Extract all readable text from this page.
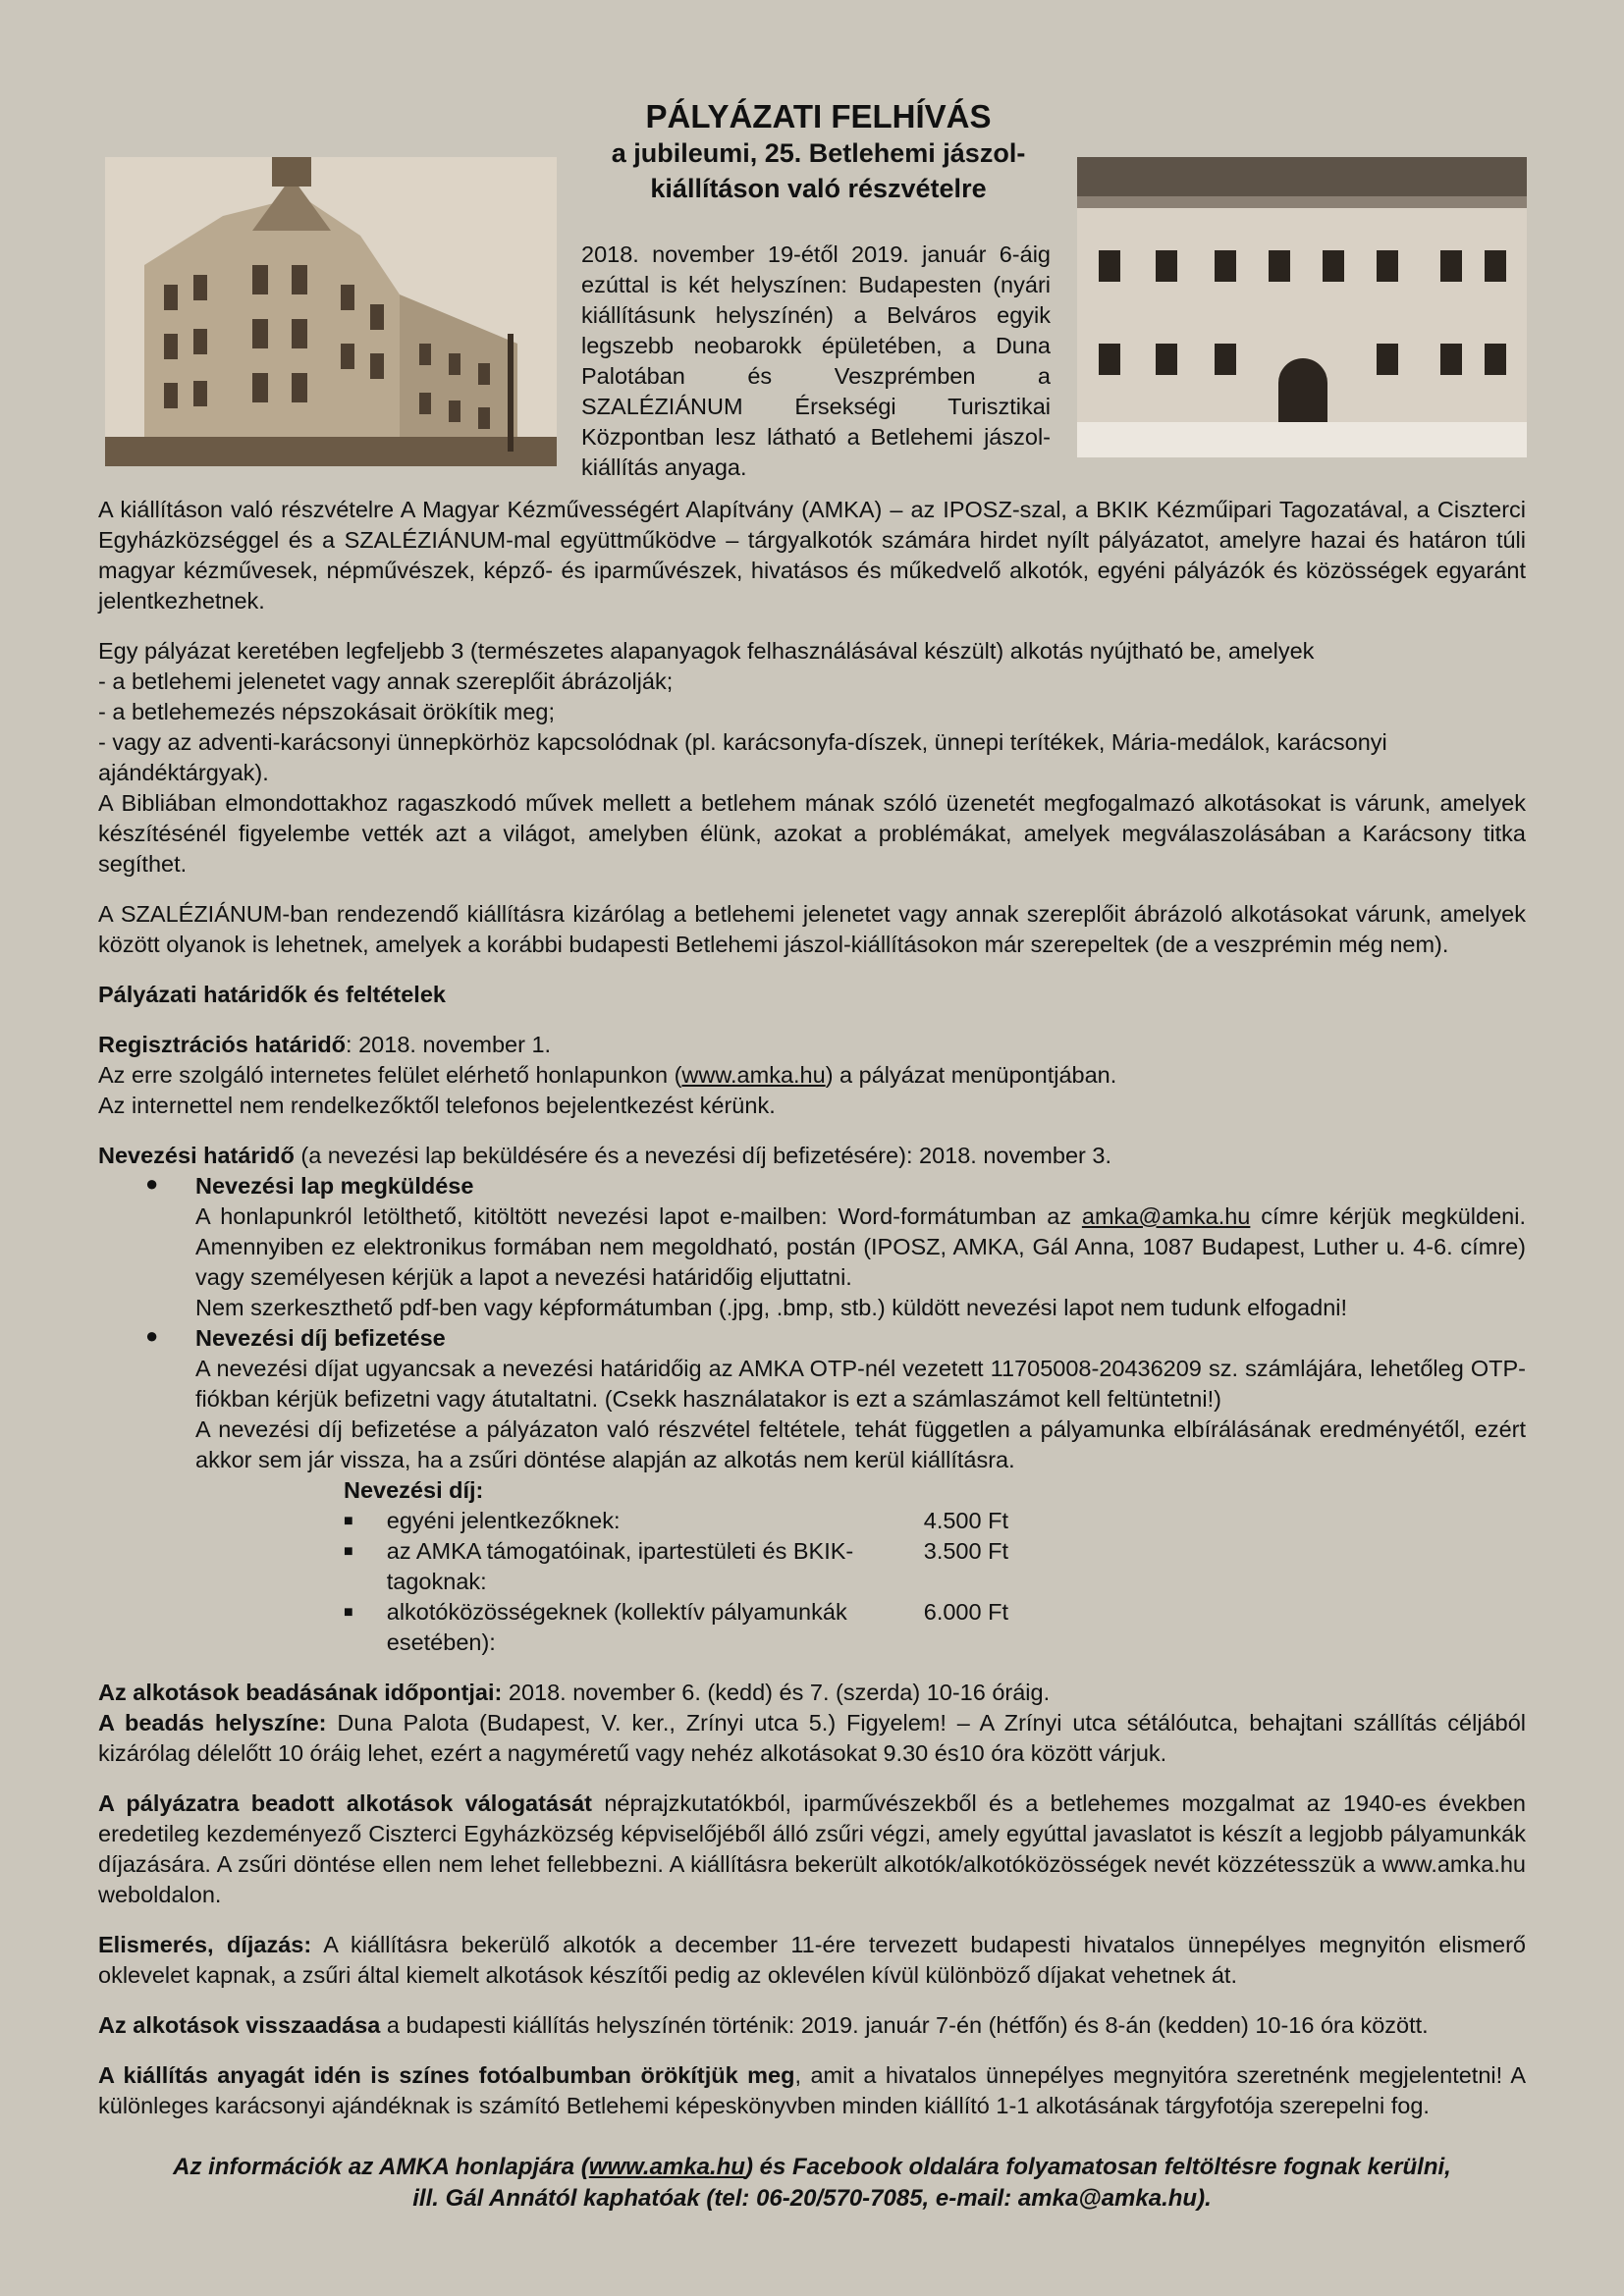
PÁLYÁZATI FELHÍVÁS
a jubileumi, 25. Betlehemi jászol-
kiállításon való részvételre

2018. november 19-étől 2019. január 6-áig ezúttal is két helyszínen: Budapesten (nyári kiállításunk helyszínén) a Belváros egyik legszebb neobarokk épületében, a Duna Palotában és Veszprémben a SZALÉZIÁNUM Érsekségi Turisztikai Központban lesz látható a Betlehemi jászol-kiállítás anyaga.

A kiállításon való részvételre A Magyar Kézművességért Alapítvány (AMKA) – az IPOSZ-szal, a BKIK Kézműipari Tagozatával, a Ciszterci Egyházközséggel és a SZALÉZIÁNUM-mal együttműködve – tárgyalkotók számára hirdet nyílt pályázatot, amelyre hazai és határon túli magyar kézművesek, népművészek, képző- és iparművészek, hivatásos és műkedvelő alkotók, egyéni pályázók és közösségek egyaránt jelentkezhetnek.

Egy pályázat keretében legfeljebb 3 (természetes alapanyagok felhasználásával készült) alkotás nyújtható be, amelyek

- a betlehemi jelenetet vagy annak szereplőit ábrázolják;

- a betlehemezés népszokásait örökítik meg;

- vagy az adventi-karácsonyi ünnepkörhöz kapcsolódnak (pl. karácsonyfa-díszek, ünnepi terítékek, Mária-medálok, karácsonyi ajándéktárgyak).

A Bibliában elmondottakhoz ragaszkodó művek mellett a betlehem mának szóló üzenetét megfogalmazó alkotásokat is várunk, amelyek készítésénél figyelembe vették azt a világot, amelyben élünk, azokat a problémákat, amelyek megválaszolásában a Karácsony titka segíthet.

A SZALÉZIÁNUM-ban rendezendő kiállításra kizárólag a betlehemi jelenetet vagy annak szereplőit ábrázoló alkotásokat várunk, amelyek között olyanok is lehetnek, amelyek a korábbi budapesti Betlehemi jászol-kiállításokon már szerepeltek (de a veszprémin még nem).

Pályázati határidők és feltételek

Regisztrációs határidő: 2018. november 1.

Az erre szolgáló internetes felület elérhető honlapunkon (www.amka.hu) a pályázat menüpontjában.

Az internettel nem rendelkezőktől telefonos bejelentkezést kérünk.

Nevezési határidő (a nevezési lap beküldésére és a nevezési díj befizetésére): 2018. november 3.

● Nevezési lap megküldése

A honlapunkról letölthető, kitöltött nevezési lapot e-mailben: Word-formátumban az amka@amka.hu címre kérjük megküldeni. Amennyiben ez elektronikus formában nem megoldható, postán (IPOSZ, AMKA, Gál Anna, 1087 Budapest, Luther u. 4-6. címre) vagy személyesen kérjük a lapot a nevezési határidőig eljuttatni.

Nem szerkeszthető pdf-ben vagy képformátumban (.jpg, .bmp, stb.) küldött nevezési lapot nem tudunk elfogadni!

● Nevezési díj befizetése

A nevezési díjat ugyancsak a nevezési határidőig az AMKA OTP-nél vezetett 11705008-20436209 sz. számlájára, lehetőleg OTP-fiókban kérjük befizetni vagy átutaltatni. (Csekk használatakor is ezt a számlaszámot kell feltüntetni!)

A nevezési díj befizetése a pályázaton való részvétel feltétele, tehát független a pályamunka elbírálásának eredményétől, ezért akkor sem jár vissza, ha a zsűri döntése alapján az alkotás nem kerül kiállításra.

Nevezési díj:

■	egyéni jelentkezőknek:	4.500 Ft
■	az AMKA támogatóinak, ipartestületi és BKIK-tagoknak:
3.500 Ft
■	alkotóközösségeknek (kollektív pályamunkák esetében):
6.000 Ft

Az alkotások beadásának időpontjai: 2018. november 6. (kedd) és 7. (szerda) 10-16 óráig.

A beadás helyszíne: Duna Palota (Budapest, V. ker., Zrínyi utca 5.) Figyelem! – A Zrínyi utca sétálóutca, behajtani szállítás céljából kizárólag délelőtt 10 óráig lehet, ezért a nagyméretű vagy nehéz alkotásokat 9.30 és10 óra között várjuk.

A pályázatra beadott alkotások válogatását néprajzkutatókból, iparművészekből és a betlehemes mozgalmat az 1940-es években eredetileg kezdeményező Ciszterci Egyházközség képviselőjéből álló zsűri végzi, amely egyúttal javaslatot is készít a legjobb pályamunkák díjazására. A zsűri döntése ellen nem lehet fellebbezni. A kiállításra bekerült alkotók/alkotóközösségek nevét közzétesszük a www.amka.hu weboldalon.

Elismerés, díjazás: A kiállításra bekerülő alkotók a december 11-ére tervezett budapesti hivatalos ünnepélyes megnyitón elismerő oklevelet kapnak, a zsűri által kiemelt alkotások készítői pedig az oklevélen kívül különböző díjakat vehetnek át.

Az alkotások visszaadása a budapesti kiállítás helyszínén történik: 2019. január 7-én (hétfőn) és 8-án (kedden) 10-16 óra között.

A kiállítás anyagát idén is színes fotóalbumban örökítjük meg, amit a hivatalos ünnepélyes megnyitóra szeretnénk megjelentetni! A különleges karácsonyi ajándéknak is számító Betlehemi képeskönyvben minden kiállító 1-1 alkotásának tárgyfotója szerepelni fog.

Az információk az AMKA honlapjára (www.amka.hu) és Facebook oldalára folyamatosan feltöltésre fognak kerülni,
ill. Gál Annától kaphatóak (tel: 06-20/570-7085, e-mail: amka@amka.hu).
